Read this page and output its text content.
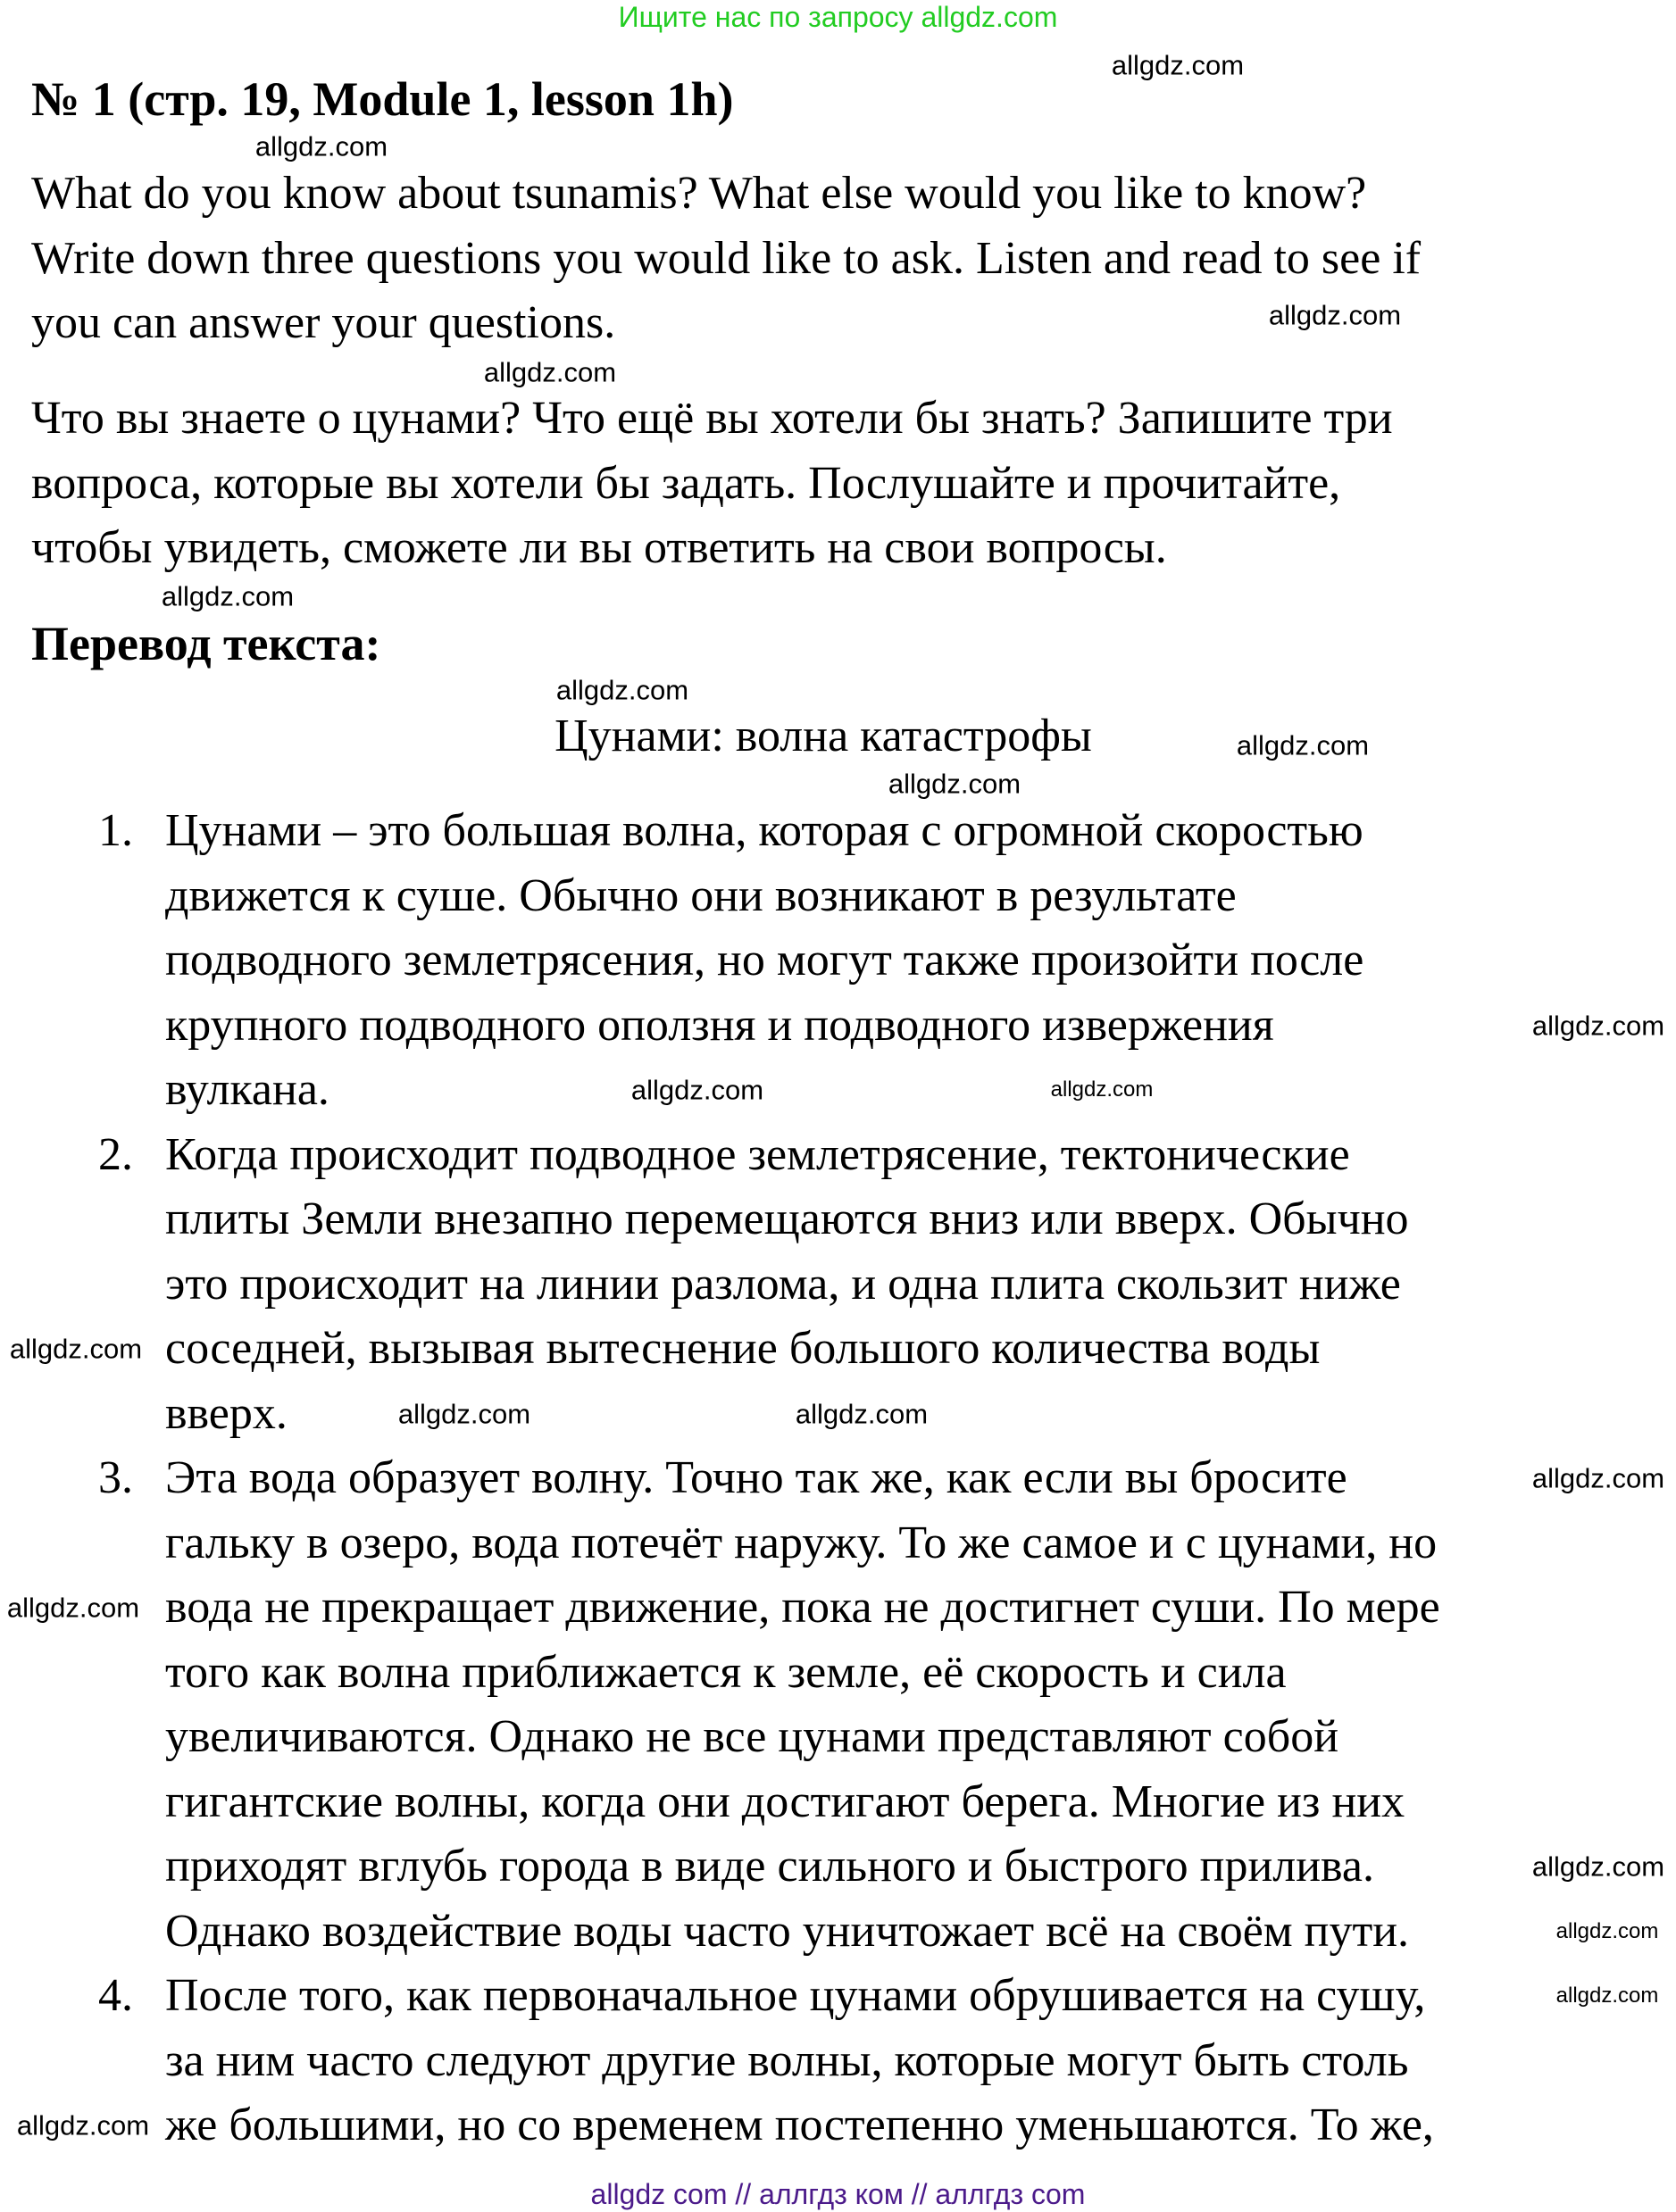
Ищите нас по запросу allgdz.com
№ 1 (стр. 19, Module 1, lesson 1h)
What do you know about tsunamis? What else would you like to know?
Write down three questions you would like to ask. Listen and read to see if
you can answer your questions.
Что вы знаете о цунами? Что ещё вы хотели бы знать? Запишите три
вопроса, которые вы хотели бы задать. Послушайте и прочитайте,
чтобы увидеть, сможете ли вы ответить на свои вопросы.
Перевод текста:
Цунами: волна катастрофы
1. Цунами – это большая волна, которая с огромной скоростью
движется к суше. Обычно они возникают в результате
подводного землетрясения, но могут также произойти после
крупного подводного оползня и подводного извержения
вулкана.
2. Когда происходит подводное землетрясение, тектонические
плиты Земли внезапно перемещаются вниз или вверх. Обычно
это происходит на линии разлома, и одна плита скользит ниже
соседней, вызывая вытеснение большого количества воды
вверх.
3. Эта вода образует волну. Точно так же, как если вы бросите
гальку в озеро, вода потечёт наружу. То же самое и с цунами, но
вода не прекращает движение, пока не достигнет суши. По мере
того как волна приближается к земле, её скорость и сила
увеличиваются. Однако не все цунами представляют собой
гигантские волны, когда они достигают берега. Многие из них
приходят вглубь города в виде сильного и быстрого прилива.
Однако воздействие воды часто уничтожает всё на своём пути.
4. После того, как первоначальное цунами обрушивается на сушу,
за ним часто следуют другие волны, которые могут быть столь
же большими, но со временем постепенно уменьшаются. То же,
allgdz.com
allgdz.com
allgdz.com
allgdz.com
allgdz.com
allgdz.com
allgdz.com
allgdz.com
allgdz.com
allgdz.com
allgdz.com
allgdz.com
allgdz.com
allgdz.com
allgdz.com
allgdz.com
allgdz.com
allgdz.com
allgdz.com
allgdz.com
allgdz com // аллгдз ком // аллгдз com
